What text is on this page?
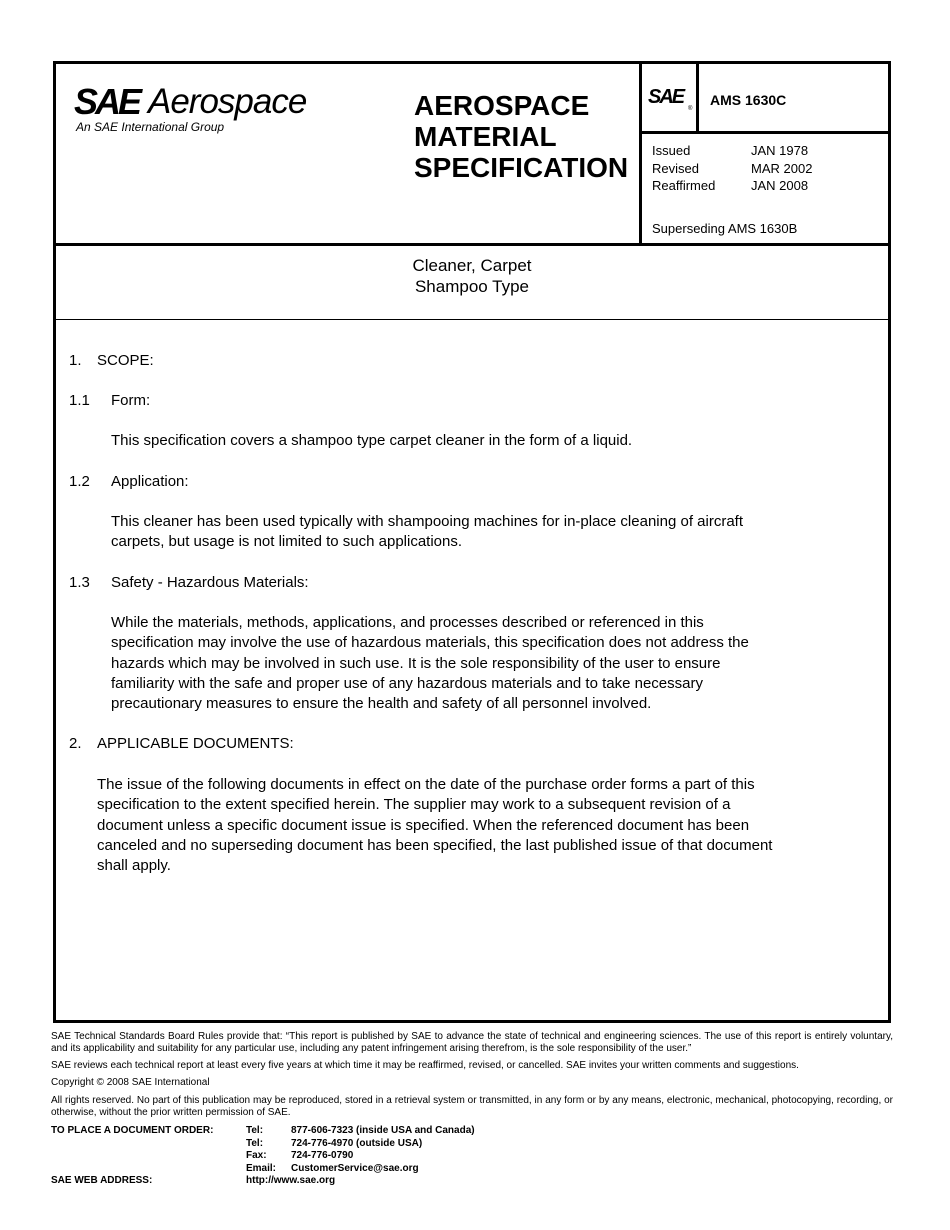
SAE Aerospace
An SAE International Group
AEROSPACE
MATERIAL
SPECIFICATION
SAE
®
AMS 1630C
Issued	JAN 1978
Revised	MAR 2002
Reaffirmed	JAN 2008
Superseding AMS 1630B
Cleaner, Carpet
Shampoo Type
1. SCOPE:
1.1 Form:
This specification covers a shampoo type carpet cleaner in the form of a liquid.
1.2 Application:
This cleaner has been used typically with shampooing machines for in-place cleaning of aircraft
carpets, but usage is not limited to such applications.
1.3 Safety - Hazardous Materials:
While the materials, methods, applications, and processes described or referenced in this
specification may involve the use of hazardous materials, this specification does not address the
hazards which may be involved in such use. It is the sole responsibility of the user to ensure
familiarity with the safe and proper use of any hazardous materials and to take necessary
precautionary measures to ensure the health and safety of all personnel involved.
2. APPLICABLE DOCUMENTS:
The issue of the following documents in effect on the date of the purchase order forms a part of this
specification to the extent specified herein. The supplier may work to a subsequent revision of a
document unless a specific document issue is specified. When the referenced document has been
canceled and no superseding document has been specified, the last published issue of that document
shall apply.

SAE Technical Standards Board Rules provide that: “This report is published by SAE to advance the state of technical and engineering sciences. The use of this report is entirely voluntary, and its applicability and suitability for any particular use, including any patent infringement arising therefrom, is the sole responsibility of the user.”

SAE reviews each technical report at least every five years at which time it may be reaffirmed, revised, or cancelled. SAE invites your written comments and suggestions.

Copyright © 2008 SAE International

All rights reserved. No part of this publication may be reproduced, stored in a retrieval system or transmitted, in any form or by any means, electronic, mechanical, photocopying, recording, or otherwise, without the prior written permission of SAE.

TO PLACE A DOCUMENT ORDER:	Tel:	877-606-7323 (inside USA and Canada)
Tel:	724-776-4970 (outside USA)
Fax: 724-776-0790
Email: CustomerService@sae.org
SAE WEB ADDRESS:	http://www.sae.org
